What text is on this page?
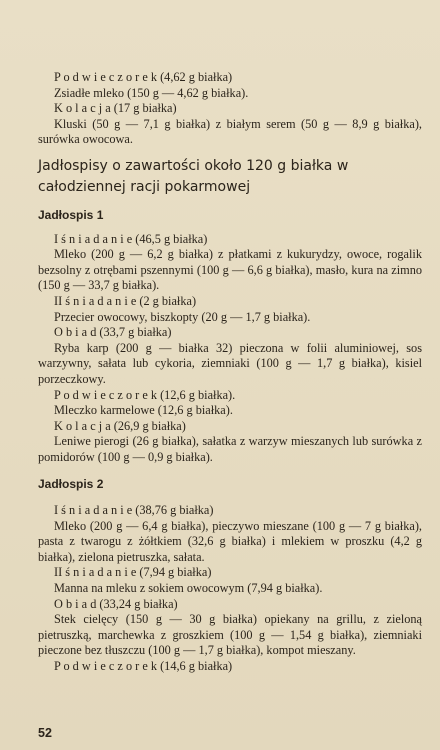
P o d w i e c z o r e k (4,62 g białka)

Zsiadłe mleko (150 g — 4,62 g białka).

K o l a c j a (17 g białka)

Kluski (50 g — 7,1 g białka) z białym serem (50 g — 8,9 g białka), surówka owocowa.

Jadłospisy o zawartości około 120 g białka w całodziennej racji pokarmowej
Jadłospis 1

I ś n i a d a n i e (46,5 g białka)

Mleko (200 g — 6,2 g białka) z płatkami z kukurydzy, owoce, rogalik bezsolny z otrębami pszennymi (100 g — 6,6 g białka), masło, kura na zimno (150 g — 33,7 g białka).

II ś n i a d a n i e (2 g białka)

Przecier owocowy, biszkopty (20 g — 1,7 g białka).

O b i a d (33,7 g białka)

Ryba karp (200 g — białka 32) pieczona w folii aluminiowej, sos warzywny, sałata lub cykoria, ziemniaki (100 g — 1,7 g białka), kisiel porzeczkowy.

P o d w i e c z o r e k (12,6 g białka).

Mleczko karmelowe (12,6 g białka).

K o l a c j a (26,9 g białka)

Leniwe pierogi (26 g białka), sałatka z warzyw mieszanych lub surówka z pomidorów (100 g — 0,9 g białka).

Jadłospis 2

I ś n i a d a n i e (38,76 g białka)

Mleko (200 g — 6,4 g białka), pieczywo mieszane (100 g — 7 g białka), pasta z twarogu z żółtkiem (32,6 g białka) i mlekiem w proszku (4,2 g białka), zielona pietruszka, sałata.

II ś n i a d a n i e (7,94 g białka)

Manna na mleku z sokiem owocowym (7,94 g białka).

O b i a d (33,24 g białka)

Stek cielęcy (150 g — 30 g białka) opiekany na grillu, z zieloną pietruszką, marchewka z groszkiem (100 g — 1,54 g białka), ziemniaki pieczone bez tłuszczu (100 g — 1,7 g białka), kompot mieszany.

P o d w i e c z o r e k (14,6 g białka)

52
